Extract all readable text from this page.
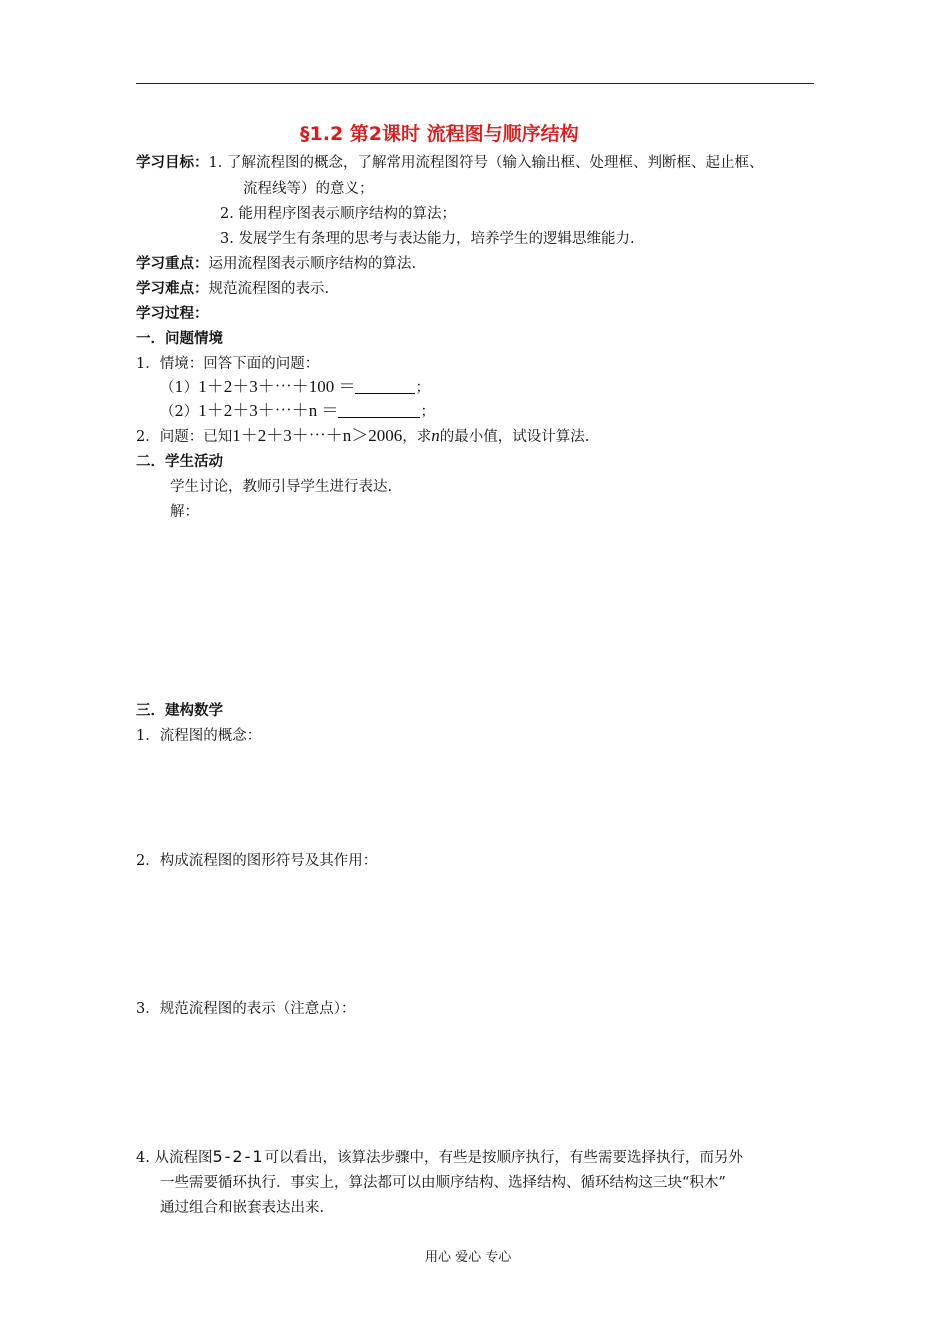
§1.2 第2课时 流程图与顺序结构
学习目标：1. 了解流程图的概念，了解常用流程图符号（输入输出框、处理框、判断框、起止框、
流程线等）的意义；
2. 能用程序图表示顺序结构的算法；
3. 发展学生有条理的思考与表达能力，培养学生的逻辑思维能力.
学习重点：运用流程图表示顺序结构的算法.
学习难点：规范流程图的表示.
学习过程：
一．问题情境
1．情境：回答下面的问题：
（1）1＋2＋3＋⋯＋100 ＝	；
（2）1＋2＋3＋⋯＋n ＝	；
2．问题：已知1＋2＋3＋⋯＋n＞2006，求n的最小值，试设计算法.
二．学生活动
学生讨论，教师引导学生进行表达.
解：
三．建构数学
1．流程图的概念：
2．构成流程图的图形符号及其作用：
3．规范流程图的表示（注意点）：
4. 从流程图5-2-1可以看出，该算法步骤中，有些是按顺序执行，有些需要选择执行，而另外
一些需要循环执行．事实上，算法都可以由顺序结构、选择结构、循环结构这三块“积木”
通过组合和嵌套表达出来.
用心 爱心 专心
